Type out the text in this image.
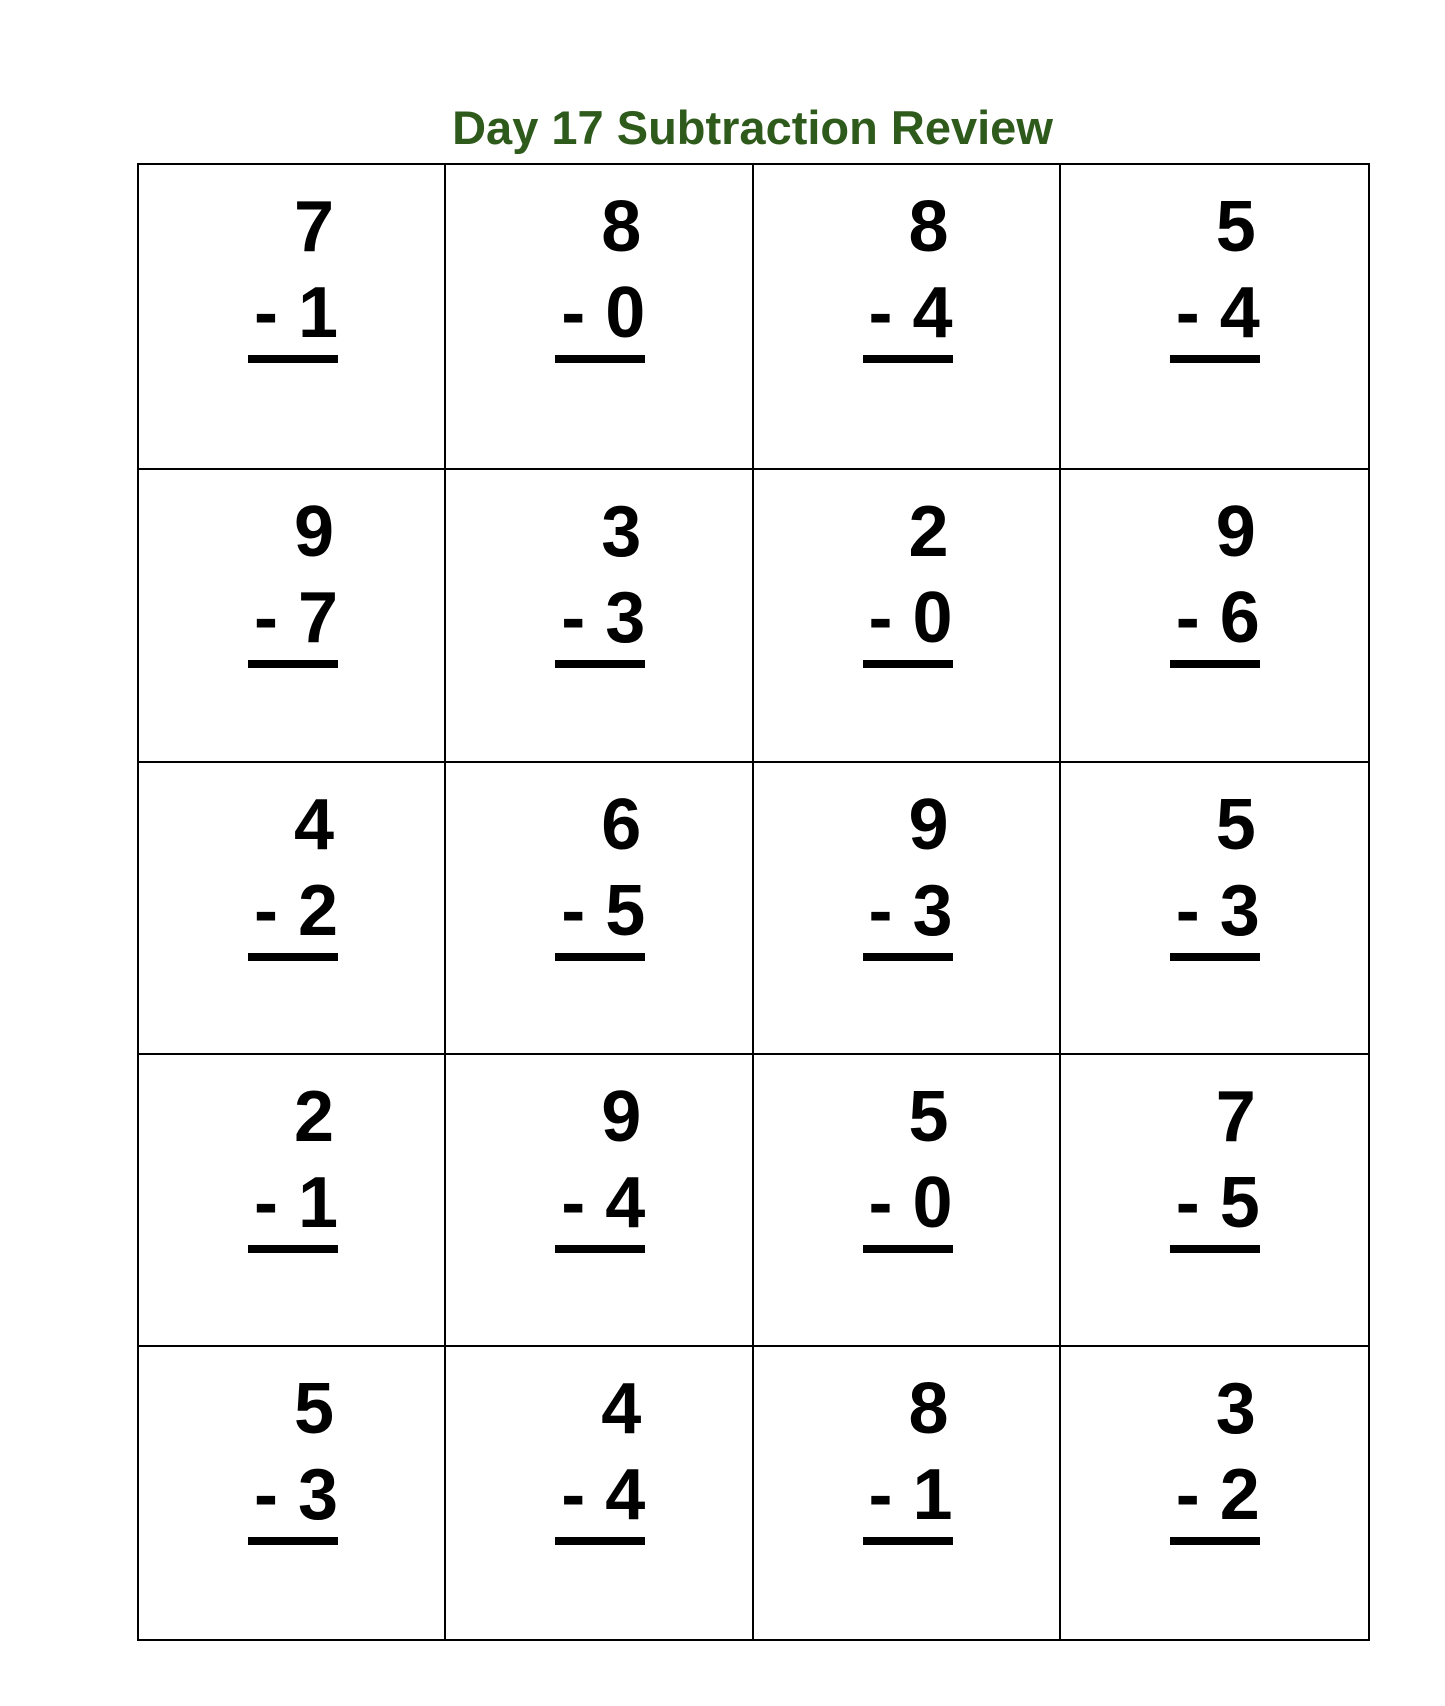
Day 17 Subtraction Review
7
- 1
8
- 0
8
- 4
5
- 4
9
- 7
3
- 3
2
- 0
9
- 6
4
- 2
6
- 5
9
- 3
5
- 3
2
- 1
9
- 4
5
- 0
7
- 5
5
- 3
4
- 4
8
- 1
3
- 2
